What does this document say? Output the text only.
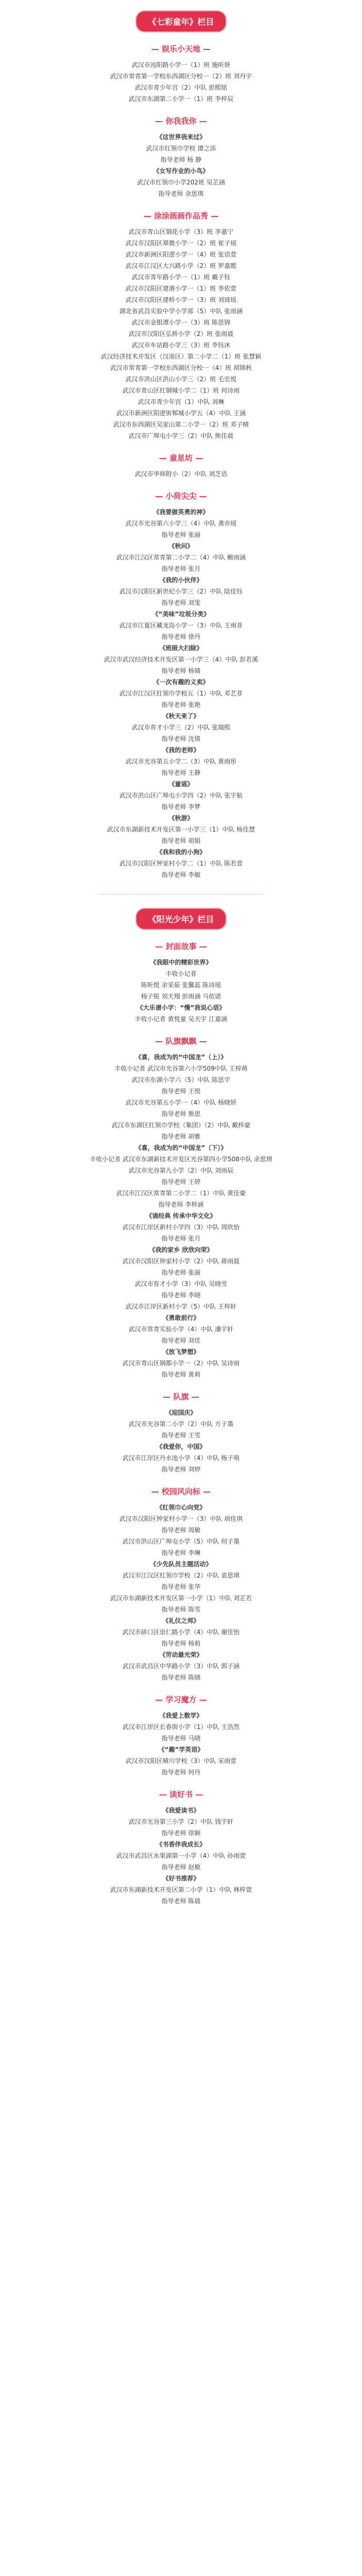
《七彩童年》栏目
— 娱乐小天地 —
武汉市沌阳路小学一（1）班 施昕妍
武汉市常青第一学校东西湖区分校一（2）班 刘丹宇
武汉市青少年宫（2）中队 彭熙铭
武汉市东湖第二小学一（1）班 李梓辰
— 你我我你 —
《这世界我来过》
武汉市红领巾学校 谭之添
指导老师 杨 静
《女写作业的小鸟》
武汉市红领巾小学202班 吴芷涵
指导老师 余思琪
— 涂涂画画作品秀 —
武汉市青山区钢花小学（3）班 李嘉宁
武汉市汉阳区翠微小学一（2）班 崔子瑶
武汉市新洲区阳逻小学一（4）班 张语萱
武汉市江汉区大兴路小学（2）班 罗嘉懿
武汉市青年路小学一（1）班 戴子钰
武汉市汉阳区建港小学一（1）班 李依萱
武汉市汉阳区建桥小学一（3）班 刘琦瑶
湖北省武昌实验中学小学部（5）中队 张雨涵
武汉市金银潭小学一（3）班 陈思锦
武汉市汉阳区弘桥小学（2）班 张雨晨
武汉市车站路小学三（3）班 李钰沐
武汉经济技术开发区（汉南区）第二小学二（1）班 张慧颖
武汉市常青第一学校东西湖区分校一（4）班 胡锦秋
武汉市洪山区洪山小学三（2）班 毛宏悦
武汉市青山区红钢城小学二（1）班 何诗雨
武汉市青少年宫（1）中队 刘琳
武汉市新洲区阳逻街邾城小学五（4）中队 王涵
武汉市东西湖区吴家山第二小学一（2）班 邓子晴
武汉市广埠屯小学三（2）中队 熊佳晨
— 童星坊 —
武汉市华师附小（2）中队 刘芝语
— 小荷尖尖 —
《我要做英勇的神》
武汉市光谷第六小学三（4）中队 龚亦瑶
指导老师 张丽
《秋问》
武汉市江汉区常青第二小学二（4）中队 鲍雨涵
指导老师 张月
《我的小伙伴》
武汉市汉阳区新世纪小学三（2）中队 陆佳钰
指导老师 刘雯
《“美味”垃圾分类》
武汉市江夏区藏龙岛小学一（3）中队 王雨菲
指导老师 徐丹
《班级大扫除》
武汉市武汉经济技术开发区第一小学三（4）中队 彭若溪
指导老师 杨婧
《一次有趣的义卖》
武汉市江汉区红领巾学校五（1）中队 邓艺菲
指导老师 张艳
《秋天来了》
武汉市育才小学三（2）中队 张瑞熙
指导老师 沈倩
《我的老师》
武汉市光谷第五小学二（3）中队 黄雨彤
指导老师 王静
《童谣》
武汉市洪山区广埠屯小学四（2）中队 张宇航
指导老师 李梦
《秋游》
武汉市东湖新技术开发区第一小学三（1）中队 杨佳慧
指导老师 胡娟
《我和我的小狗》
武汉市汉阳区钟家村小学二（1）中队 陈若萱
指导老师 李敏
《阳光少年》栏目
— 封面故事 —
《我眼中的精彩世界》
丰收小记者
陈昕悦 余采茹 张馨蕊 陈诗瑶
杨子锐 刘天翔 彭雨涵 马依诺
《大乐谱小字：“慢”我说心语》
丰收小记者 黄悦童 吴天宇 江嘉涵
— 队旗飘飘 —
《喜，我成为的“中国龙”（上）》
丰收小记者 武汉市光谷第六小学509中队 王梓萌
武汉市东湖小学六（5）中队 陈思宇
指导老师 王悦
武汉市光谷第五小学一（4）中队 杨晓妍
指导老师 熊思
武汉市东湖区红领巾学校（集团）（2）中队 戴梓豪
指导老师 胡雅
《喜，我成为的“中国龙”（下）》
丰收小记者 武汉市东湖新技术开发区光谷第四小学508中队 余思琪
武汉市光谷第九小学（2）中队 刘雨辰
指导老师 王婷
武汉市江汉区常青第二小学二（1）中队 黄佳豪
指导老师 李梓涵
《诵经典 传承中华文化》
武汉市江岸区新村小学四（3）中队 周欣怡
指导老师 张月
《我的家乡 欣欣向荣》
武汉市汉阳区钟家村小学（2）中队 蒋雨晨
指导老师 张丽
武汉市育才小学（3）中队 吴晓雪
指导老师 李晓
武汉市江岸区新村小学（5）中队 王梓轩
《勇敢前行》
武汉市常青实验小学（4）中队 潘宇轩
指导老师 刘佳
《放飞梦想》
武汉市青山区钢都小学一（2）中队 吴诗雨
指导老师 黄莉
— 队旗 —
《迎国庆》
武汉市光谷第二小学（2）中队 方子墨
指导老师 王雪
《我爱你，中国》
武汉市江岸区丹水池小学（4）中队 杨子萌
指导老师 刘婷
— 校园风向标 —
《红领巾心向党》
武汉市汉阳区钟家村小学一（3）中队 胡佳琪
指导老师 周敏
武汉市洪山区广埠屯小学（5）中队 何子墨
指导老师 李琳
《少先队员主题活动》
武汉市江汉区红领巾学校（2）中队 袁思琪
指导老师 张华
武汉市东湖新技术开发区第一小学（1）中队 刘芷若
指导老师 陈雪
《礼仪之邦》
武汉市硚口区崇仁路小学（4）中队 谢佳怡
指导老师 杨莉
《劳动最光荣》
武汉市武昌区中华路小学（3）中队 郭子涵
指导老师 陈晓
— 学习魔方 —
《我爱上数学》
武汉市江岸区长春街小学（1）中队 王浩然
指导老师 马晓
《“趣”学英语》
武汉市汉阳区晴川学校（3）中队 宋雨萱
指导老师 何丹
— 读好书 —
《我爱读书》
武汉市光谷第三小学（2）中队 钱宇轩
指导老师 徐颖
《书香伴我成长》
武汉市武昌区水果湖第一小学（4）中队 孙雨萱
指导老师 赵敏
《好书推荐》
武汉市东湖新技术开发区第二小学（1）中队 林梓萱
指导老师 陈晨
